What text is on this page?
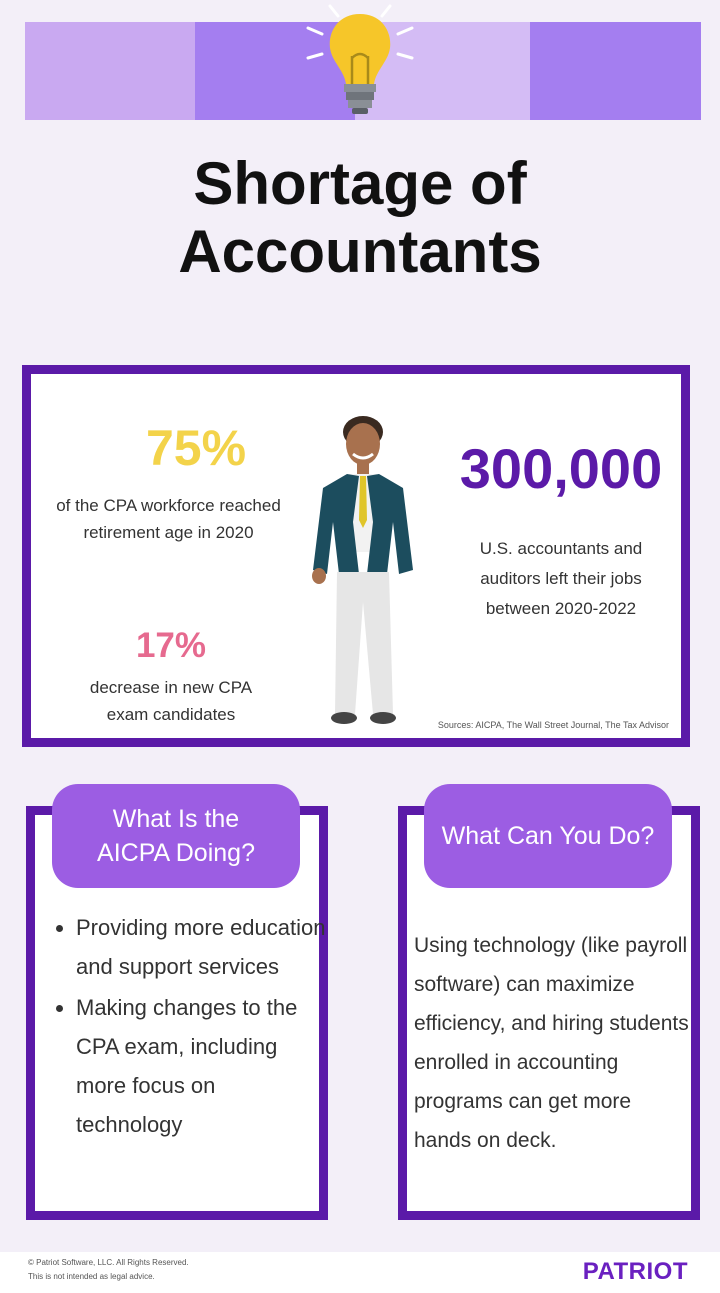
Shortage of
Accountants
75%
of the CPA workforce reached retirement age in 2020
17%
decrease in new CPA exam candidates
300,000
U.S. accountants and auditors left their jobs between 2020-2022
Sources: AICPA, The Wall Street Journal, The Tax Advisor
What Is the AICPA Doing?
What Can You Do?
• Providing more education and support services
• Making changes to the CPA exam, including more focus on technology
Using technology (like payroll software) can maximize efficiency, and hiring students enrolled in accounting programs can get more hands on deck.
© Patriot Software, LLC. All Rights Reserved.
This is not intended as legal advice.	PATRIOT
